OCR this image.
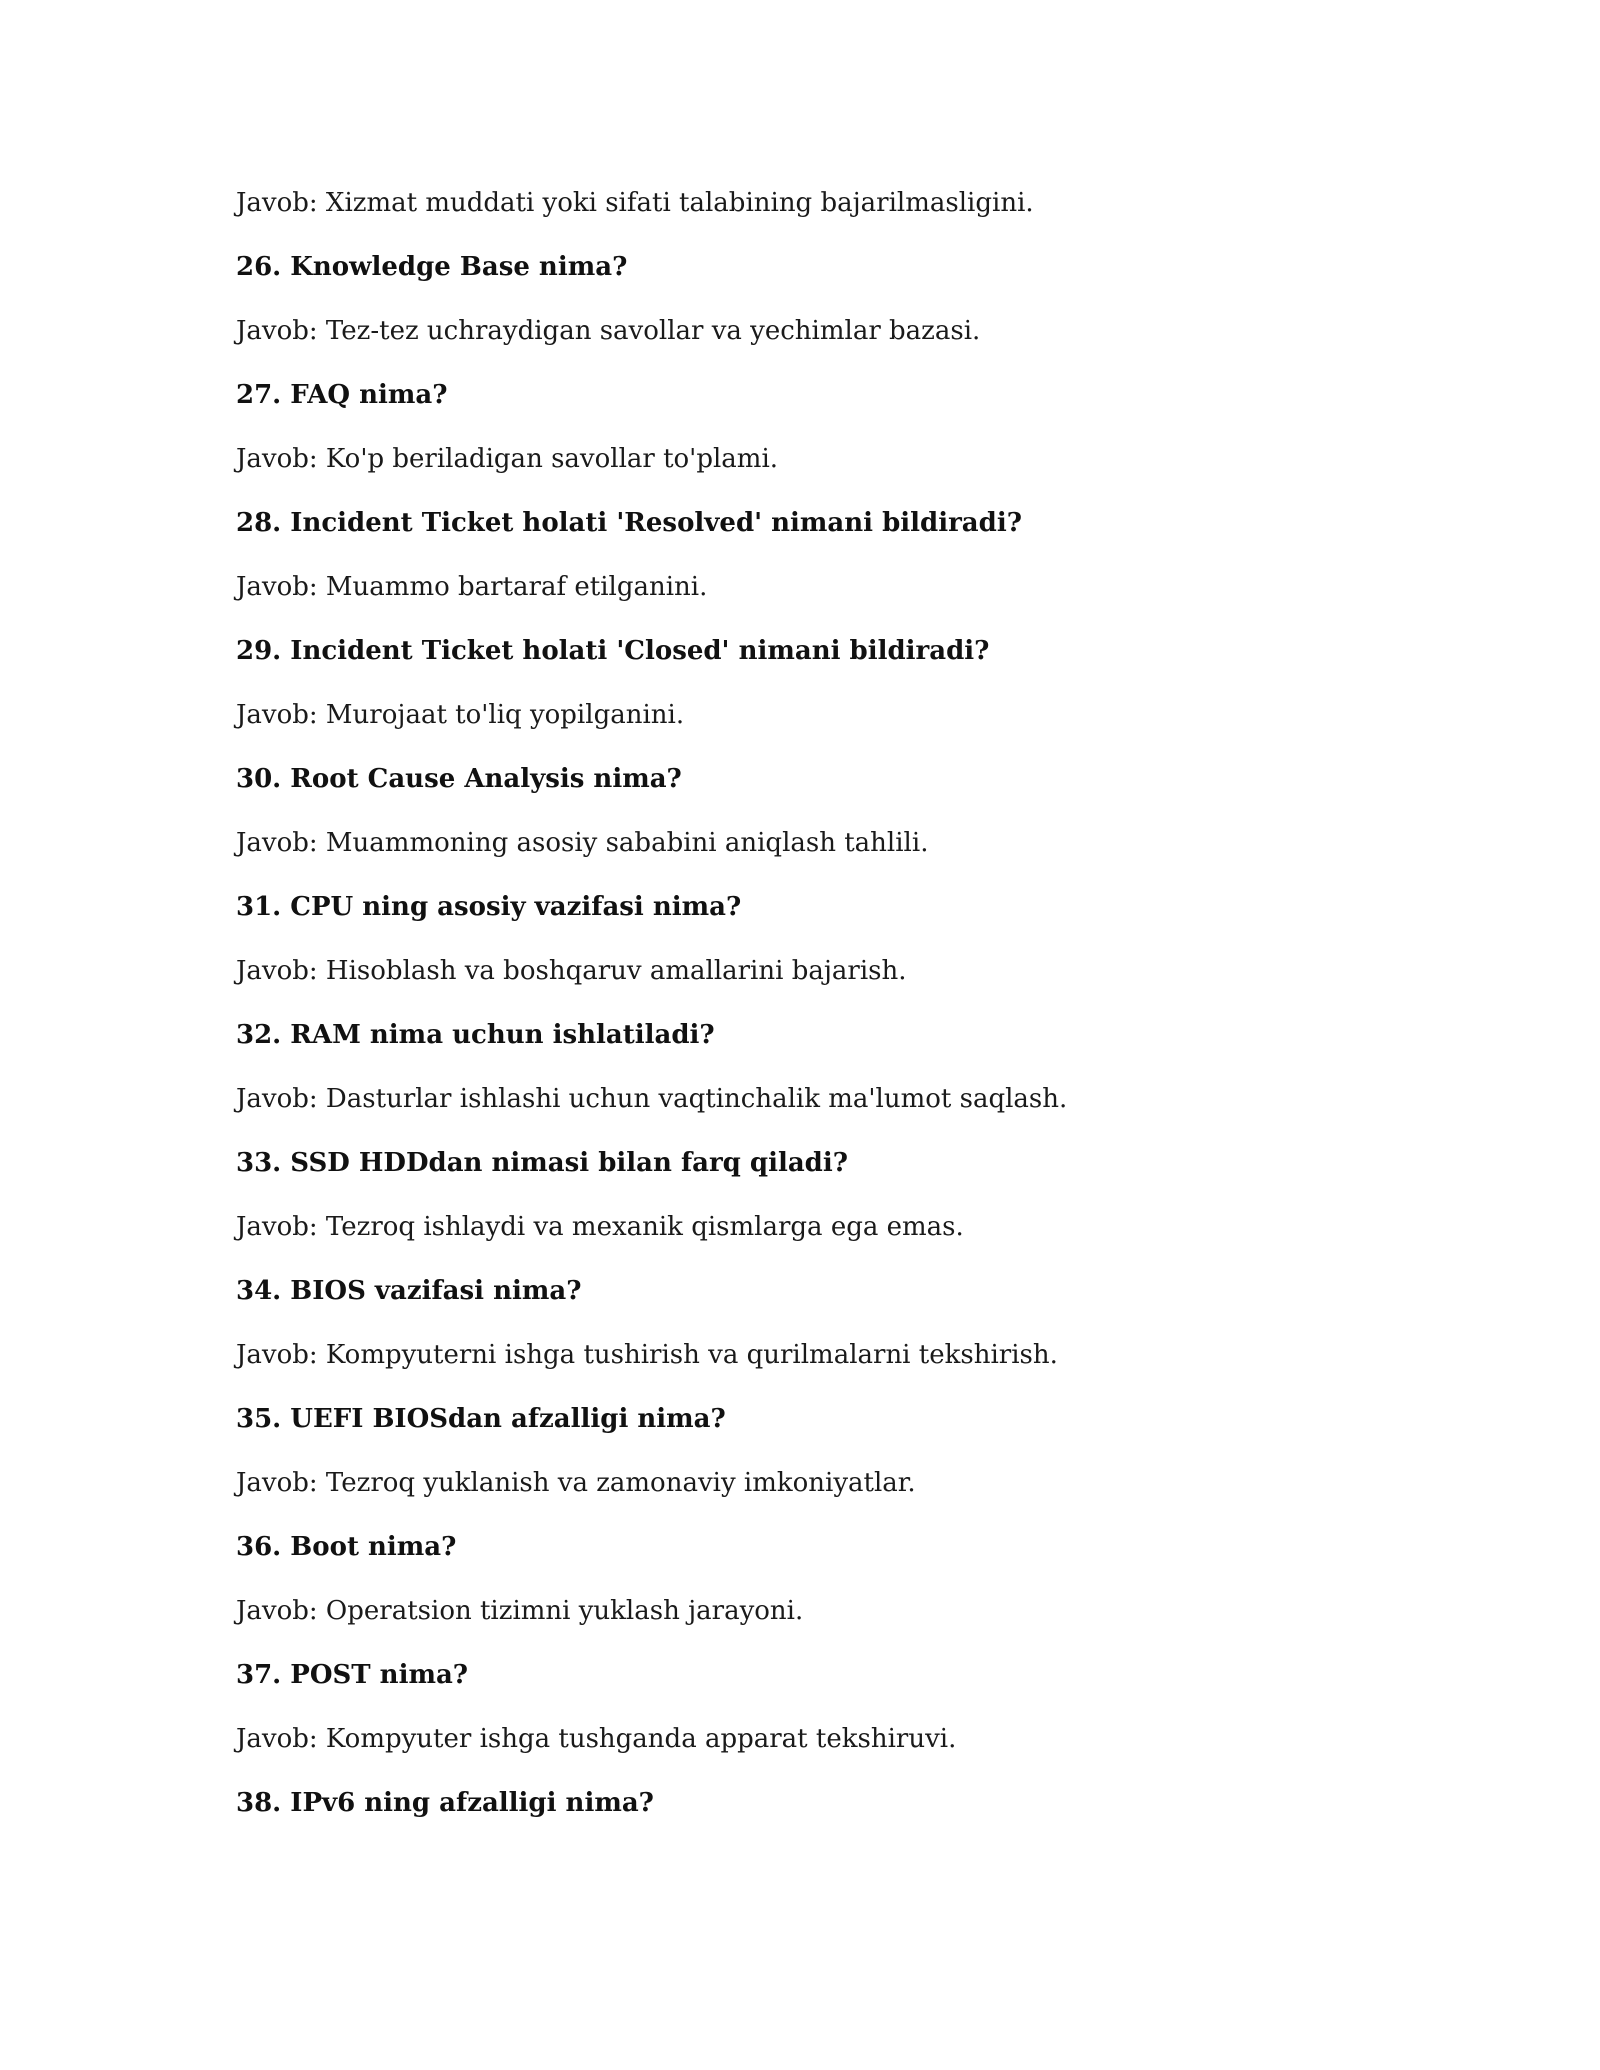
Javob: Xizmat muddati yoki sifati talabining bajarilmasligini.

26. Knowledge Base nima?

Javob: Tez-tez uchraydigan savollar va yechimlar bazasi.

27. FAQ nima?

Javob: Ko'p beriladigan savollar to'plami.

28. Incident Ticket holati 'Resolved' nimani bildiradi?

Javob: Muammo bartaraf etilganini.

29. Incident Ticket holati 'Closed' nimani bildiradi?

Javob: Murojaat to'liq yopilganini.

30. Root Cause Analysis nima?

Javob: Muammoning asosiy sababini aniqlash tahlili.

31. CPU ning asosiy vazifasi nima?

Javob: Hisoblash va boshqaruv amallarini bajarish.

32. RAM nima uchun ishlatiladi?

Javob: Dasturlar ishlashi uchun vaqtinchalik ma'lumot saqlash.

33. SSD HDDdan nimasi bilan farq qiladi?

Javob: Tezroq ishlaydi va mexanik qismlarga ega emas.

34. BIOS vazifasi nima?

Javob: Kompyuterni ishga tushirish va qurilmalarni tekshirish.

35. UEFI BIOSdan afzalligi nima?

Javob: Tezroq yuklanish va zamonaviy imkoniyatlar.

36. Boot nima?

Javob: Operatsion tizimni yuklash jarayoni.

37. POST nima?

Javob: Kompyuter ishga tushganda apparat tekshiruvi.

38. IPv6 ning afzalligi nima?
